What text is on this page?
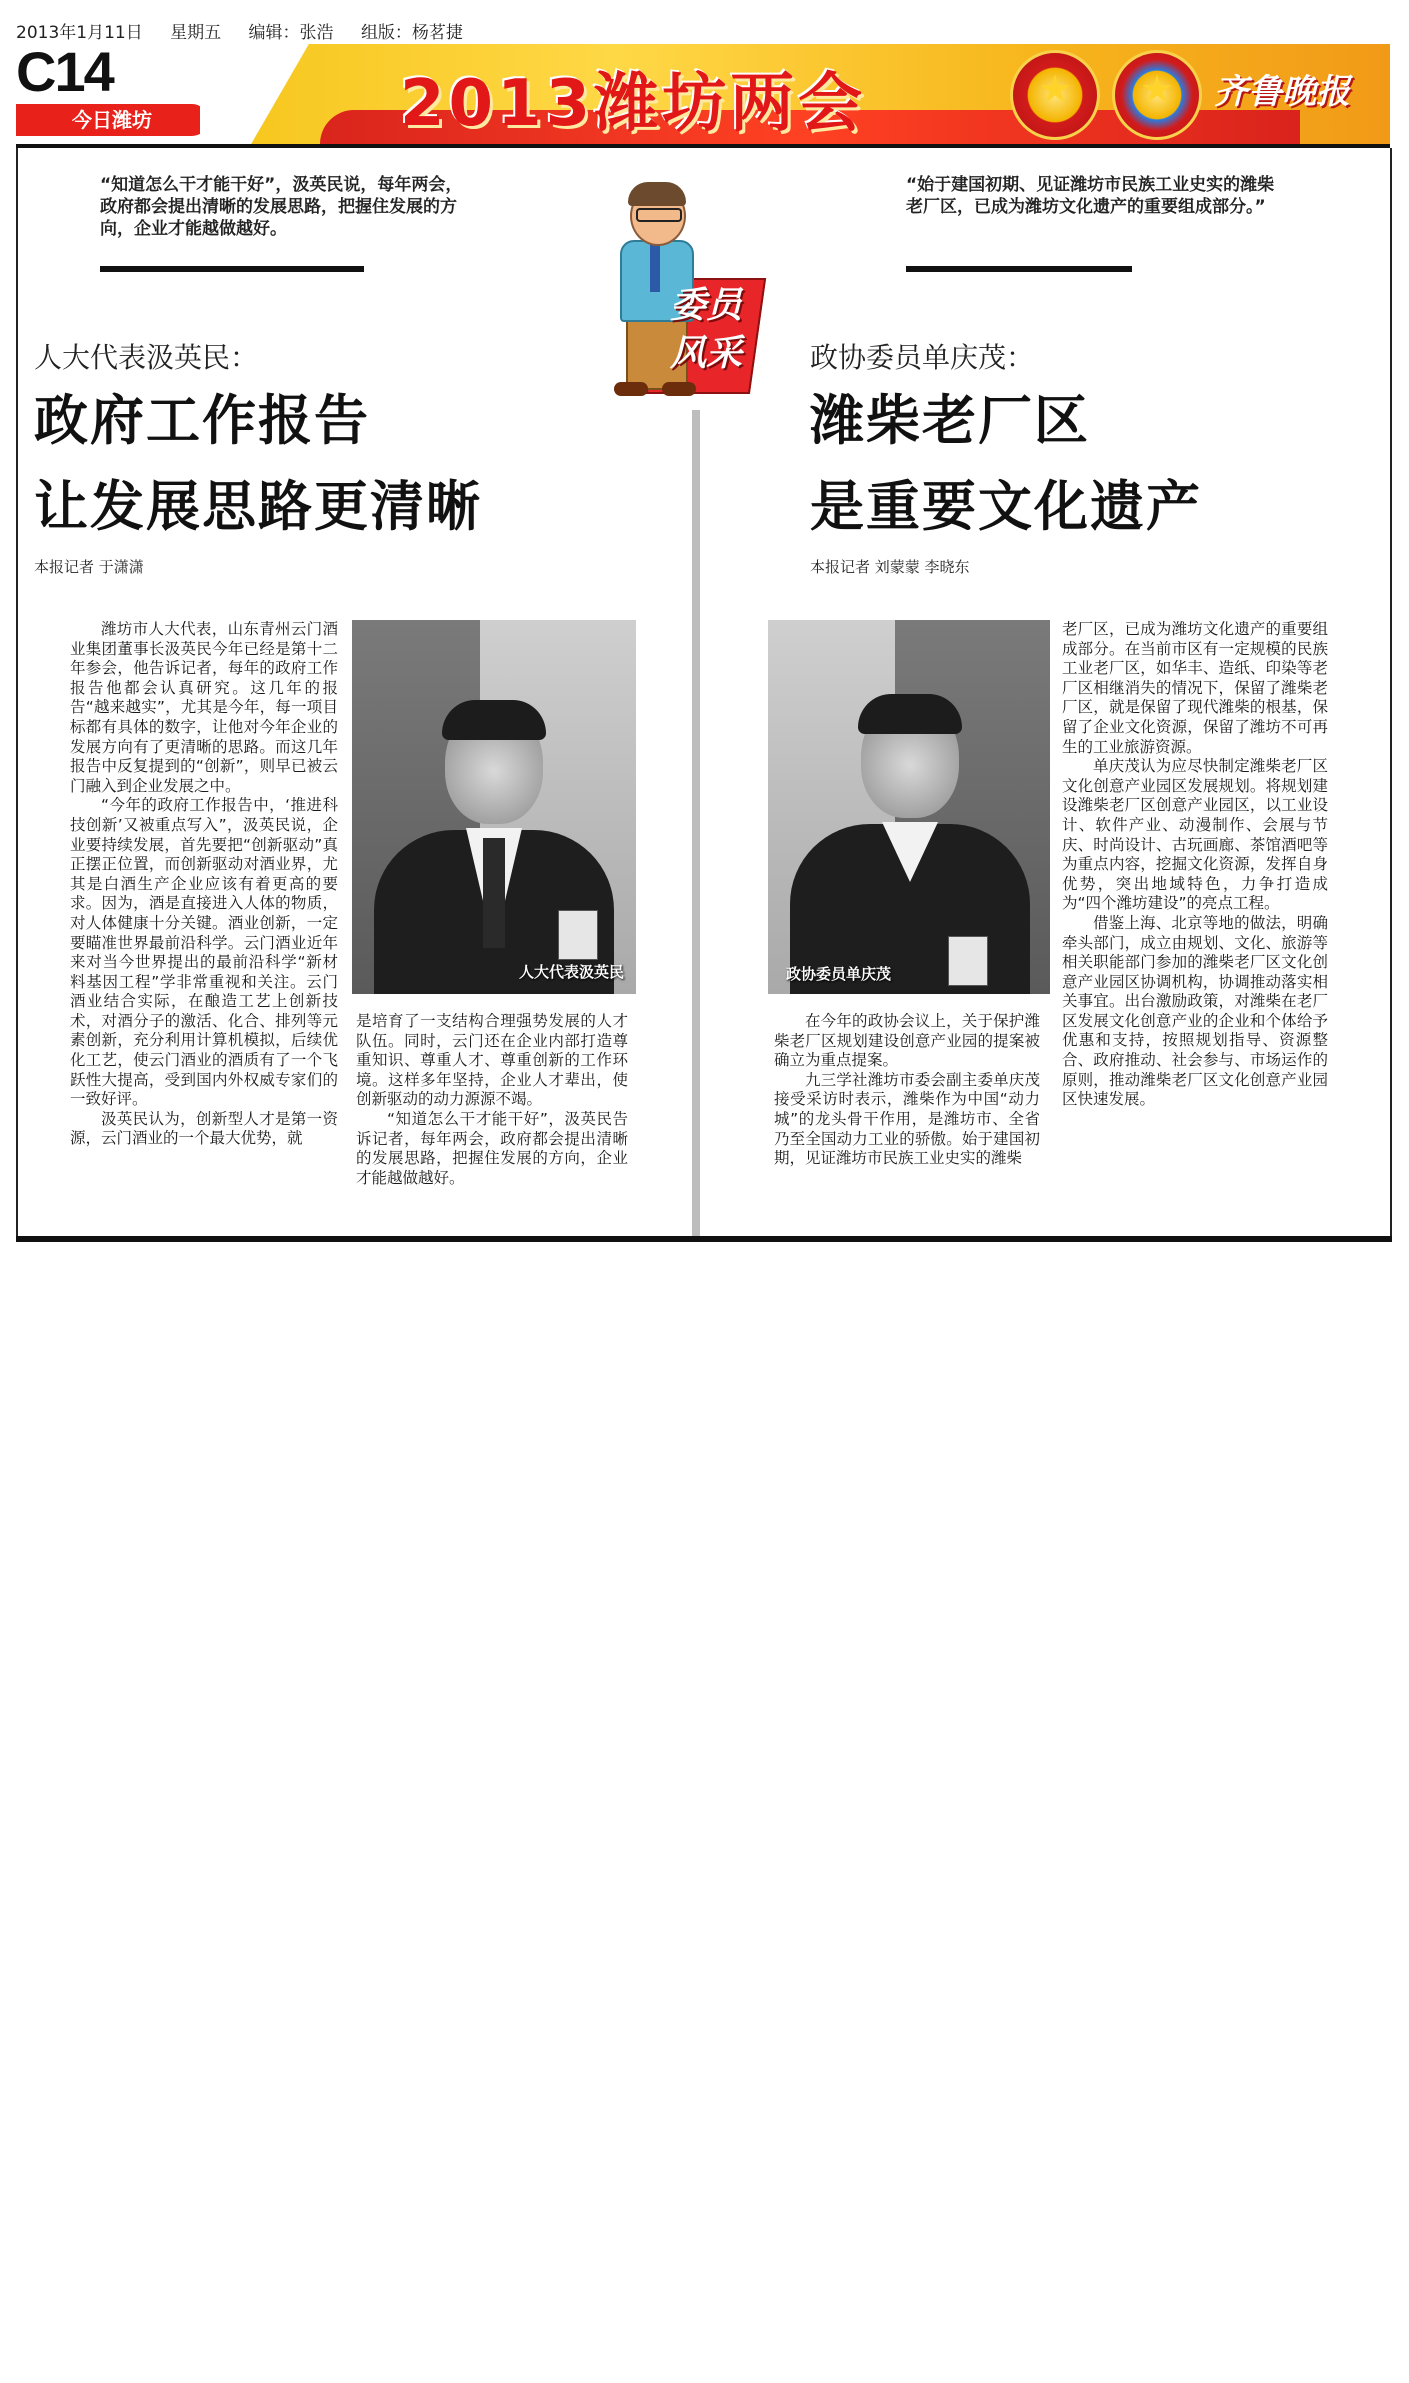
2013年1月11日 星期五 编辑：张浩 组版：杨茗捷
C14
今日潍坊	2013潍坊两会 ★ ★	齐鲁晚报
委员
风采
“知道怎么干才能干好”，汲英民说，每年两会，政府都会提出清晰的发展思路，把握住发展的方向，企业才能越做越好。
人大代表汲英民：
政府工作报告
让发展思路更清晰
本报记者 于潇潇

潍坊市人大代表，山东青州云门酒业集团董事长汲英民今年已经是第十二年参会，他告诉记者，每年的政府工作报告他都会认真研究。这几年的报告“越来越实”，尤其是今年，每一项目标都有具体的数字，让他对今年企业的发展方向有了更清晰的思路。而这几年报告中反复提到的“创新”，则早已被云门融入到企业发展之中。

“今年的政府工作报告中，‘推进科技创新’又被重点写入”，汲英民说，企业要持续发展，首先要把“创新驱动”真正摆正位置，而创新驱动对酒业界，尤其是白酒生产企业应该有着更高的要求。因为，酒是直接进入人体的物质，对人体健康十分关键。酒业创新，一定要瞄准世界最前沿科学。云门酒业近年来对当今世界提出的最前沿科学“新材料基因工程”学非常重视和关注。云门酒业结合实际，在酿造工艺上创新技术，对酒分子的激活、化合、排列等元素创新，充分利用计算机模拟，后续优化工艺，使云门酒业的酒质有了一个飞跃性大提高，受到国内外权威专家们的一致好评。

汲英民认为，创新型人才是第一资源，云门酒业的一个最大优势，就

人大代表汲英民

是培育了一支结构合理强势发展的人才队伍。同时，云门还在企业内部打造尊重知识、尊重人才、尊重创新的工作环境。这样多年坚持，企业人才辈出，使创新驱动的动力源源不竭。

“知道怎么干才能干好”，汲英民告诉记者，每年两会，政府都会提出清晰的发展思路，把握住发展的方向，企业才能越做越好。

“始于建国初期、见证潍坊市民族工业史实的潍柴老厂区，已成为潍坊文化遗产的重要组成部分。”
政协委员单庆茂：
潍柴老厂区
是重要文化遗产
本报记者 刘蒙蒙 李晓东
政协委员单庆茂

在今年的政协会议上，关于保护潍柴老厂区规划建设创意产业园的提案被确立为重点提案。

九三学社潍坊市委会副主委单庆茂接受采访时表示，潍柴作为中国“动力城”的龙头骨干作用，是潍坊市、全省乃至全国动力工业的骄傲。始于建国初期，见证潍坊市民族工业史实的潍柴

老厂区，已成为潍坊文化遗产的重要组成部分。在当前市区有一定规模的民族工业老厂区，如华丰、造纸、印染等老厂区相继消失的情况下，保留了潍柴老厂区，就是保留了现代潍柴的根基，保留了企业文化资源，保留了潍坊不可再生的工业旅游资源。

单庆茂认为应尽快制定潍柴老厂区文化创意产业园区发展规划。将规划建设潍柴老厂区创意产业园区，以工业设计、软件产业、动漫制作、会展与节庆、时尚设计、古玩画廊、茶馆酒吧等为重点内容，挖掘文化资源，发挥自身优势，突出地域特色，力争打造成为“四个潍坊建设”的亮点工程。

借鉴上海、北京等地的做法，明确牵头部门，成立由规划、文化、旅游等相关职能部门参加的潍柴老厂区文化创意产业园区协调机构，协调推动落实相关事宜。出台激励政策，对潍柴在老厂区发展文化创意产业的企业和个体给予优惠和支持，按照规划指导、资源整合、政府推动、社会参与、市场运作的原则，推动潍柴老厂区文化创意产业园区快速发展。
